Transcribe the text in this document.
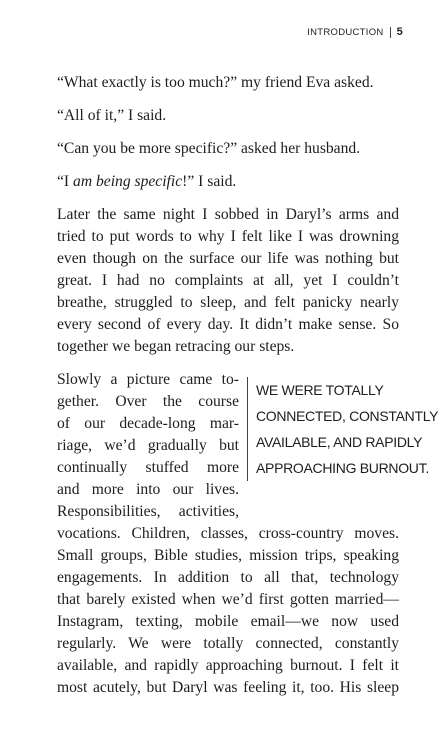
INTRODUCTION 5

“What exactly is too much?” my friend Eva asked.

“All of it,” I said.

“Can you be more specific?” asked her husband.

“I am being specific!” I said.

Later the same night I sobbed in Daryl’s arms and
tried to put words to why I felt like I was drowning
even though on the surface our life was nothing but
great. I had no complaints at all, yet I couldn’t
breathe, struggled to sleep, and felt panicky nearly
every second of every day. It didn’t make sense. So
together we began retracing our steps.

Slowly a picture came to-
gether. Over the course
of our decade-long mar-
riage, we’d gradually but
continually stuffed more
and more into our lives.
Responsibilities, activities,
WE WERE TOTALLY
CONNECTED, CONSTANTLY
AVAILABLE, AND RAPIDLY
APPROACHING BURNOUT.
vocations. Children, classes, cross-country moves.
Small groups, Bible studies, mission trips, speaking
engagements. In addition to all that, technology
that barely existed when we’d first gotten married—
Instagram, texting, mobile email—we now used
regularly. We were totally connected, constantly
available, and rapidly approaching burnout. I felt it
most acutely, but Daryl was feeling it, too. His sleep
